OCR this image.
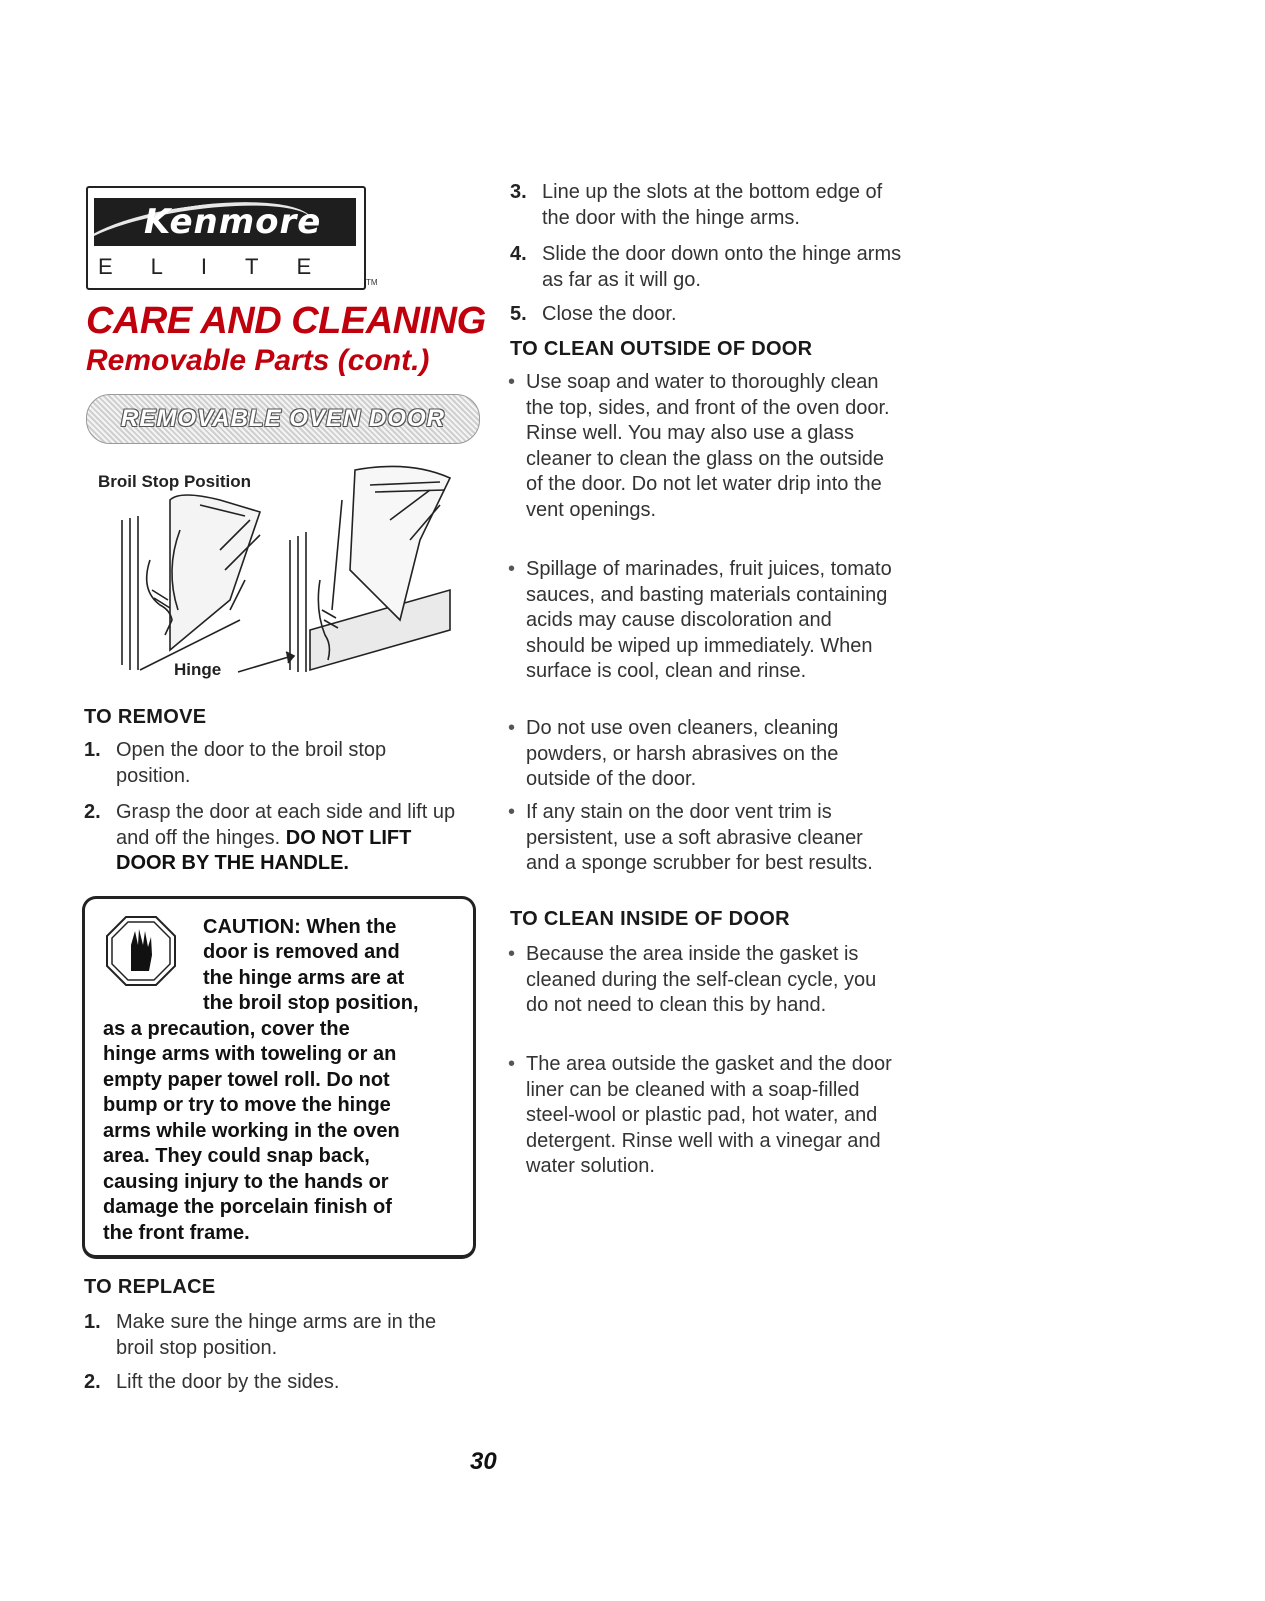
Kenmore
ELITE
TM
CARE AND CLEANING
Removable Parts (cont.)
REMOVABLE OVEN DOOR
Broil Stop Position
Hinge
TO REMOVE
1. Open the door to the broil stop position.
2. Grasp the door at each side and lift up and off the hinges. DO NOT LIFT DOOR BY THE HANDLE.
CAUTION: When the
door is removed and
the hinge arms are at
the broil stop position,
as a precaution, cover the
hinge arms with toweling or an
empty paper towel roll. Do not
bump or try to move the hinge
arms while working in the oven
area. They could snap back,
causing injury to the hands or
damage the porcelain finish of
the front frame.
TO REPLACE
1. Make sure the hinge arms are in the broil stop position.
2. Lift the door by the sides.
3. Line up the slots at the bottom edge of the door with the hinge arms.
4. Slide the door down onto the hinge arms as far as it will go.
5. Close the door.
TO CLEAN OUTSIDE OF DOOR
• Use soap and water to thoroughly clean the top, sides, and front of the oven door. Rinse well. You may also use a glass cleaner to clean the glass on the outside of the door. Do not let water drip into the vent openings.
• Spillage of marinades, fruit juices, tomato sauces, and basting materials containing acids may cause discoloration and should be wiped up immediately. When surface is cool, clean and rinse.
• Do not use oven cleaners, cleaning powders, or harsh abrasives on the outside of the door.
• If any stain on the door vent trim is persistent, use a soft abrasive cleaner and a sponge scrubber for best results.
TO CLEAN INSIDE OF DOOR
• Because the area inside the gasket is cleaned during the self-clean cycle, you do not need to clean this by hand.
• The area outside the gasket and the door liner can be cleaned with a soap-filled steel-wool or plastic pad, hot water, and detergent. Rinse well with a vinegar and water solution.
30
